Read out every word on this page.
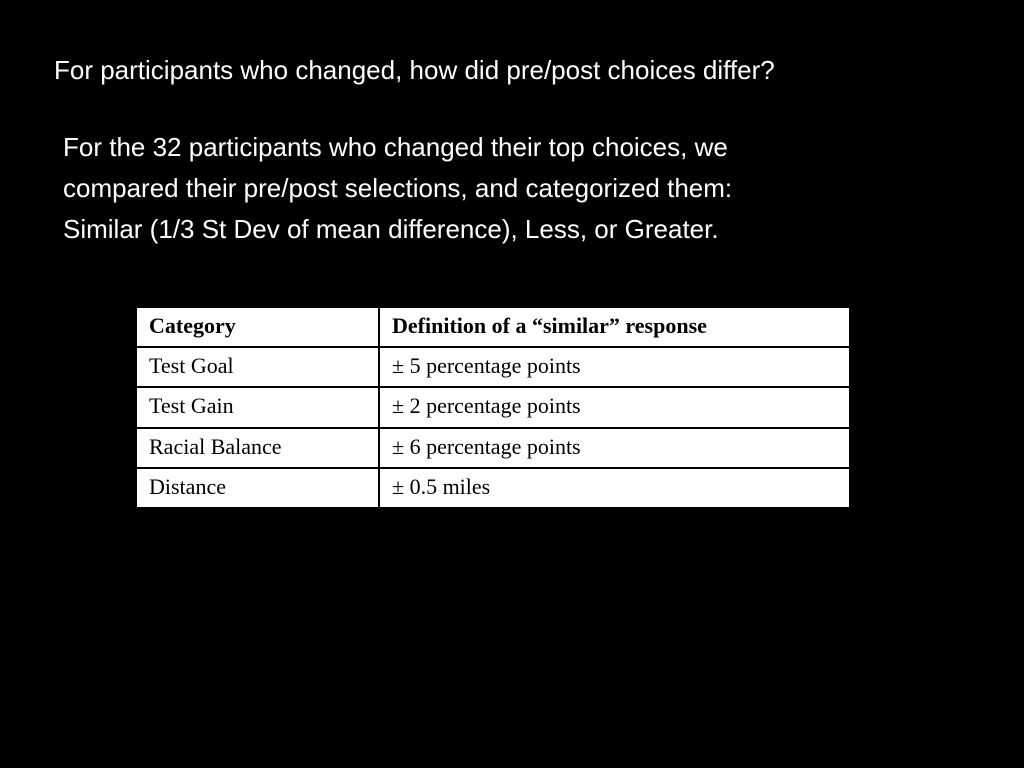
For participants who changed, how did pre/post choices differ?
For the 32 participants who changed their top choices, we
compared their pre/post selections, and categorized them:
Similar (1/3 St Dev of mean difference), Less, or Greater.
Category	Definition of a “similar” response
Test Goal	± 5 percentage points
Test Gain	± 2 percentage points
Racial Balance	± 6 percentage points
Distance	± 0.5 miles
